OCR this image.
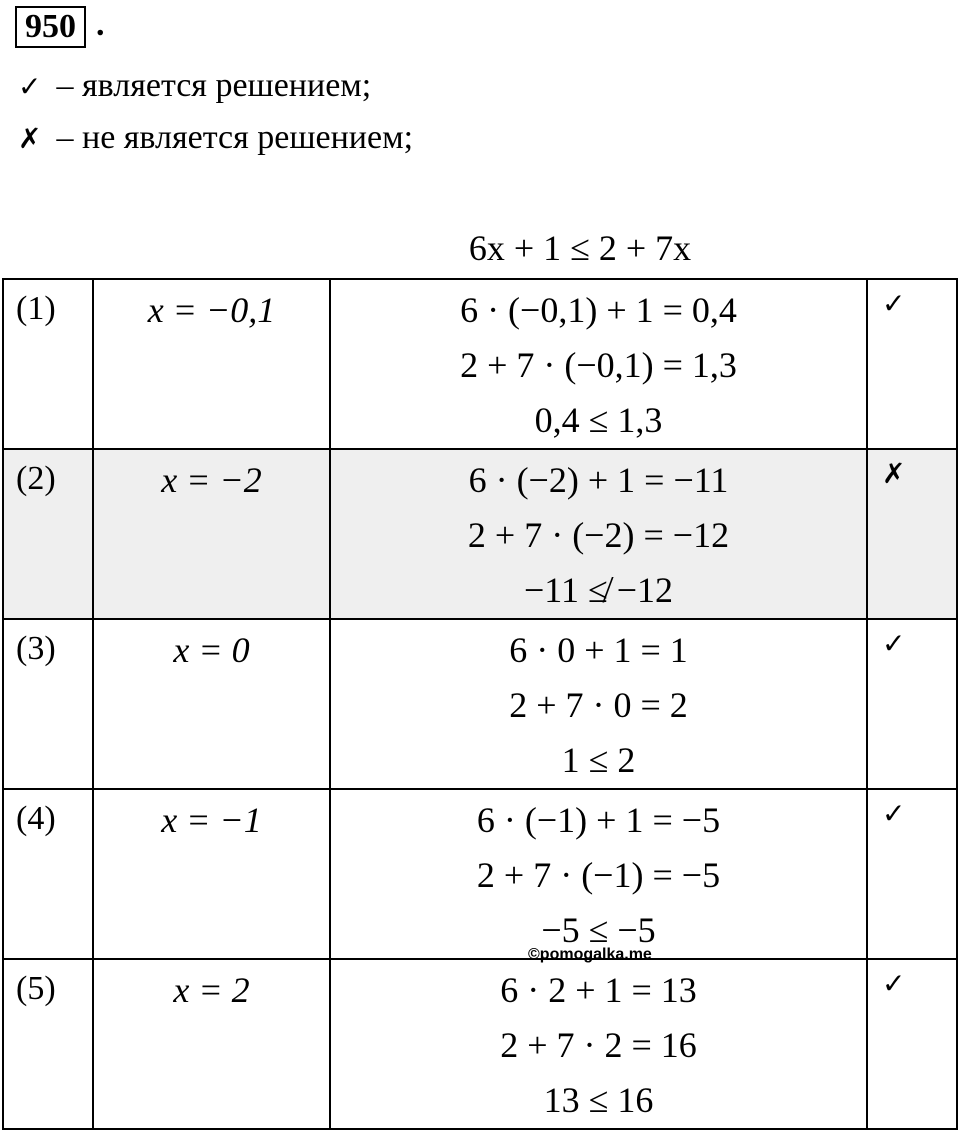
950 .
✓ – является решением;
✗ – не является решением;
6x + 1 ≤ 2 + 7x
(1)	x = −0,1	6 · (−0,1) + 1 = 0,4
2 + 7 · (−0,1) = 1,3
0,4 ≤ 1,3	✓
(2)	x = −2	6 · (−2) + 1 = −11
2 + 7 · (−2) = −12
−11 ≰ −12	✗
(3)	x = 0	6 · 0 + 1 = 1
2 + 7 · 0 = 2
1 ≤ 2	✓
(4)	x = −1	6 · (−1) + 1 = −5
2 + 7 · (−1) = −5
−5 ≤ −5	✓
(5)	x = 2	6 · 2 + 1 = 13
2 + 7 · 2 = 16
13 ≤ 16	✓
©pomogalka.me
